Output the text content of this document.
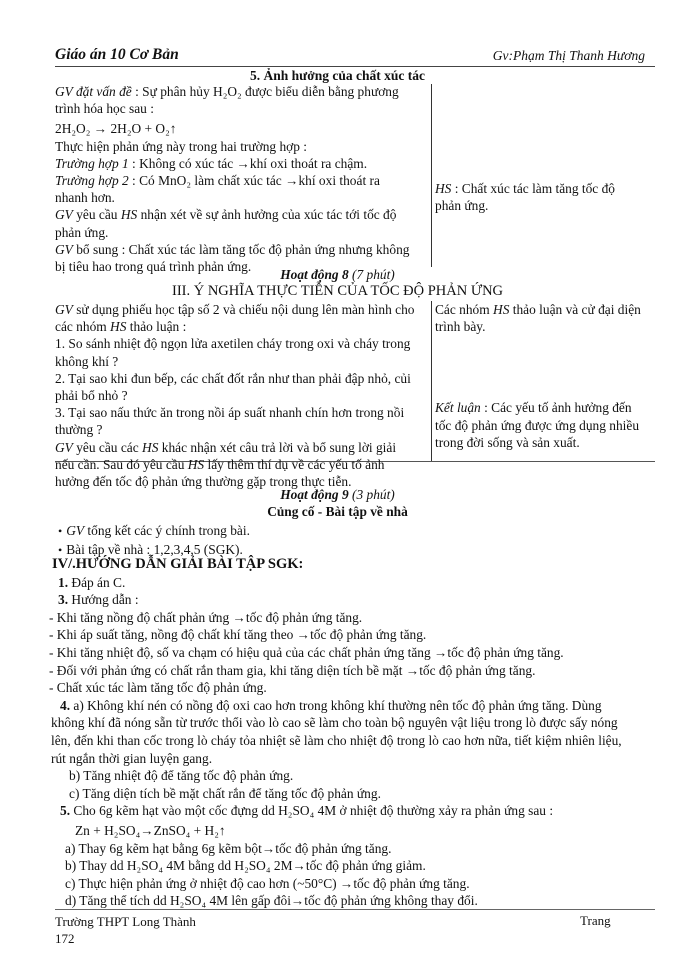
Giáo án 10 Cơ Bản	Gv:Phạm Thị Thanh Hương
5. Ảnh hưởng của chất xúc tác
GV đặt vấn đề : Sự phân hủy H₂O₂ được biểu diễn bằng phương
trình hóa học sau :
2H₂O₂ → 2H₂O + O₂↑
Thực hiện phản ứng này trong hai trường hợp :
Trường hợp 1 : Không có xúc tác →khí oxi thoát ra chậm.
Trường hợp 2 : Có MnO₂ làm chất xúc tác →khí oxi thoát ra
nhanh hơn.
GV yêu cầu HS nhận xét về sự ảnh hưởng của xúc tác tới tốc độ
phản ứng.
GV bổ sung : Chất xúc tác làm tăng tốc độ phản ứng nhưng không
bị tiêu hao trong quá trình phản ứng.
HS : Chất xúc tác làm tăng tốc độ
phản ứng.
Hoạt động 8 (7 phút)
III. Ý NGHĨA THỰC TIỄN CỦA TỐC ĐỘ PHẢN ỨNG
GV sử dụng phiếu học tập số 2 và chiếu nội dung lên màn hình cho
các nhóm HS thảo luận :
1. So sánh nhiệt độ ngọn lửa axetilen cháy trong oxi và cháy trong
không khí ?
2. Tại sao khi đun bếp, các chất đốt rắn như than phải đập nhỏ, củi
phải bổ nhỏ ?
3. Tại sao nấu thức ăn trong nồi áp suất nhanh chín hơn trong nồi
thường ?
GV yêu cầu các HS khác nhận xét câu trả lời và bổ sung lời giải
nếu cần. Sau đó yêu cầu HS lấy thêm thí dụ về các yếu tố ảnh
hưởng đến tốc độ phản ứng thường gặp trong thực tiễn.
Các nhóm HS thảo luận và cử đại diện
trình bày.
Kết luận : Các yếu tố ảnh hưởng đến
tốc độ phản ứng được ứng dụng nhiều
trong đời sống và sản xuất.
Hoạt động 9 (3 phút)
Củng cố - Bài tập về nhà
• GV tổng kết các ý chính trong bài.
• Bài tập về nhà : 1,2,3,4,5 (SGK).
IV/.HƯỚNG DẪN GIẢI BÀI TẬP SGK:
1. Đáp án C.
3. Hướng dẫn :
- Khi tăng nồng độ chất phản ứng →tốc độ phản ứng tăng.
- Khi áp suất tăng, nồng độ chất khí tăng theo →tốc độ phản ứng tăng.
- Khi tăng nhiệt độ, số va chạm có hiệu quả của các chất phản ứng tăng →tốc độ phản ứng tăng.
- Đối với phản ứng có chất rắn tham gia, khi tăng diện tích bề mặt →tốc độ phản ứng tăng.
- Chất xúc tác làm tăng tốc độ phản ứng.
4. a) Không khí nén có nồng độ oxi cao hơn trong không khí thường nên tốc độ phản ứng tăng. Dùng
không khí đã nóng sẵn từ trước thổi vào lò cao sẽ làm cho toàn bộ nguyên vật liệu trong lò được sấy nóng
lên, đến khi than cốc trong lò cháy tỏa nhiệt sẽ làm cho nhiệt độ trong lò cao hơn nữa, tiết kiệm nhiên liệu,
rút ngắn thời gian luyện gang.
b) Tăng nhiệt độ để tăng tốc độ phản ứng.
c) Tăng diện tích bề mặt chất rắn để tăng tốc độ phản ứng.
5. Cho 6g kẽm hạt vào một cốc đựng dd H₂SO₄ 4M ở nhiệt độ thường xảy ra phản ứng sau :
Zn + H₂SO₄→ZnSO₄ + H₂↑
a) Thay 6g kẽm hạt bằng 6g kẽm bột→tốc độ phản ứng tăng.
b) Thay dd H₂SO₄ 4M bằng dd H₂SO₄ 2M→tốc độ phản ứng giảm.
c) Thực hiện phản ứng ở nhiệt độ cao hơn (~50°C) →tốc độ phản ứng tăng.
d) Tăng thể tích dd H₂SO₄ 4M lên gấp đôi→tốc độ phản ứng không thay đổi.
Trường THPT Long Thành
172
Trang
